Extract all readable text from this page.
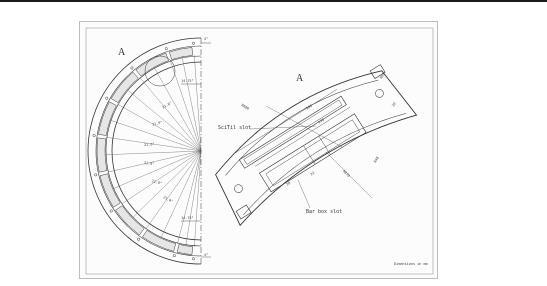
A
4°
14.75°
21.0°
21.0°
21.0°
21.0°
21.0°
21.0°
14.75°
4°
A
R606	190
170
R670
R60
R48
20
28
33
SciTil slot
Bar box slot
Dimensions in mm
